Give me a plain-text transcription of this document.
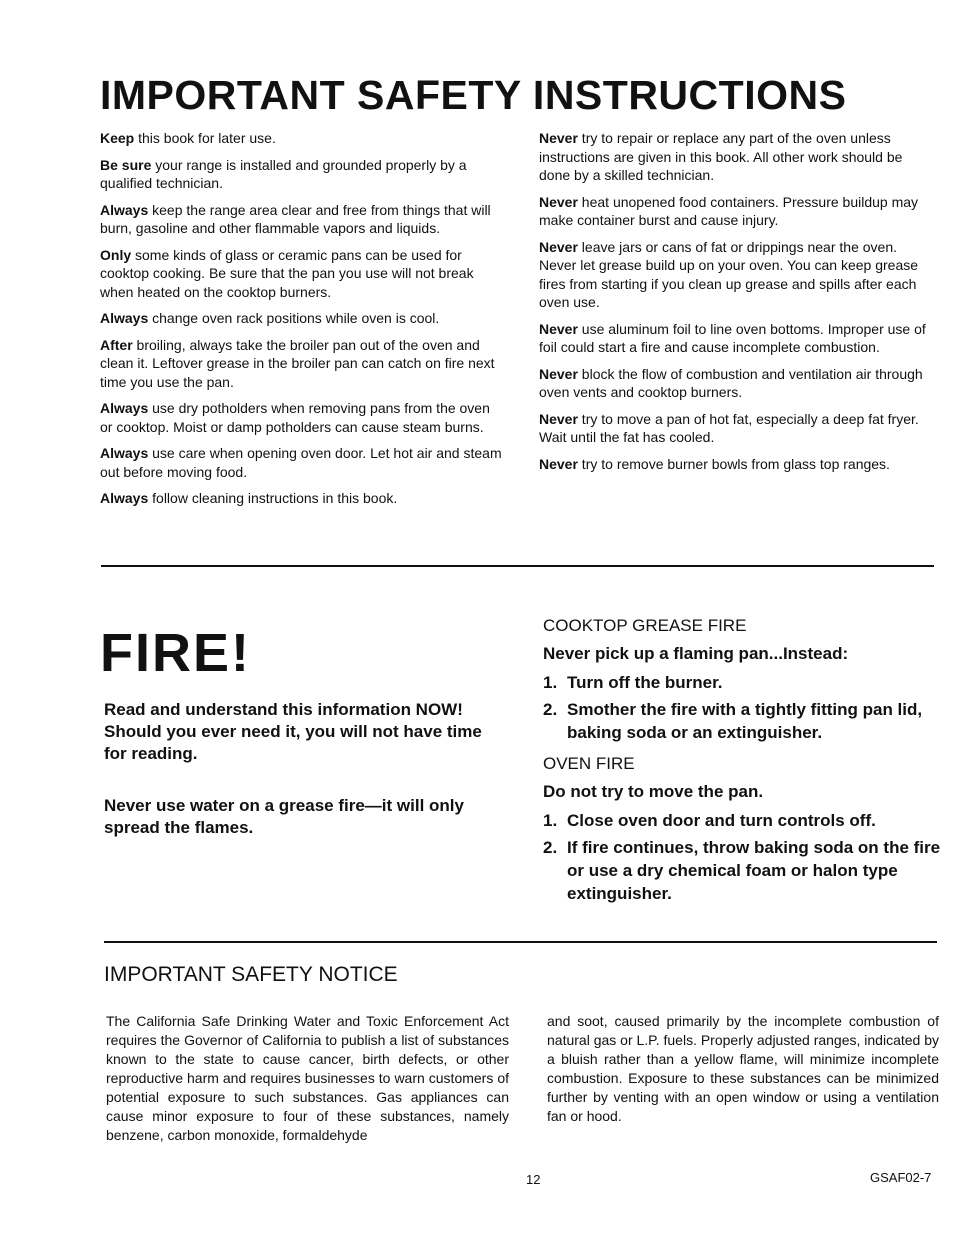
IMPORTANT SAFETY INSTRUCTIONS

Keep this book for later use.

Be sure your range is installed and grounded properly by a qualified technician.

Always keep the range area clear and free from things that will burn, gasoline and other flammable vapors and liquids.

Only some kinds of glass or ceramic pans can be used for cooktop cooking. Be sure that the pan you use will not break when heated on the cooktop burners.

Always change oven rack positions while oven is cool.

After broiling, always take the broiler pan out of the oven and clean it. Leftover grease in the broiler pan can catch on fire next time you use the pan.

Always use dry potholders when removing pans from the oven or cooktop. Moist or damp potholders can cause steam burns.

Always use care when opening oven door. Let hot air and steam out before moving food.

Always follow cleaning instructions in this book.

Never try to repair or replace any part of the oven unless instructions are given in this book. All other work should be done by a skilled technician.

Never heat unopened food containers. Pressure buildup may make container burst and cause injury.

Never leave jars or cans of fat or drippings near the oven. Never let grease build up on your oven. You can keep grease fires from starting if you clean up grease and spills after each oven use.

Never use aluminum foil to line oven bottoms. Improper use of foil could start a fire and cause incomplete combustion.

Never block the flow of combustion and ventilation air through oven vents and cooktop burners.

Never try to move a pan of hot fat, especially a deep fat fryer. Wait until the fat has cooled.

Never try to remove burner bowls from glass top ranges.

FIRE!
Read and understand this information NOW! Should you ever need it, you will not have time for reading.
Never use water on a grease fire—it will only spread the flames.
COOKTOP GREASE FIRE
Never pick up a flaming pan...Instead:
1. Turn off the burner.
2. Smother the fire with a tightly fitting pan lid, baking soda or an extinguisher.
OVEN FIRE
Do not try to move the pan.
1. Close oven door and turn controls off.
2. If fire continues, throw baking soda on the fire or use a dry chemical foam or halon type extinguisher.
IMPORTANT SAFETY NOTICE
The California Safe Drinking Water and Toxic Enforcement Act requires the Governor of California to publish a list of substances known to the state to cause cancer, birth defects, or other reproductive harm and requires businesses to warn customers of potential exposure to such substances. Gas appliances can cause minor exposure to four of these substances, namely benzene, carbon monoxide, formaldehyde
and soot, caused primarily by the incomplete combustion of natural gas or L.P. fuels. Properly adjusted ranges, indicated by a bluish rather than a yellow flame, will minimize incomplete combustion. Exposure to these substances can be minimized further by venting with an open window or using a ventilation fan or hood.
12	GSAF02-7
